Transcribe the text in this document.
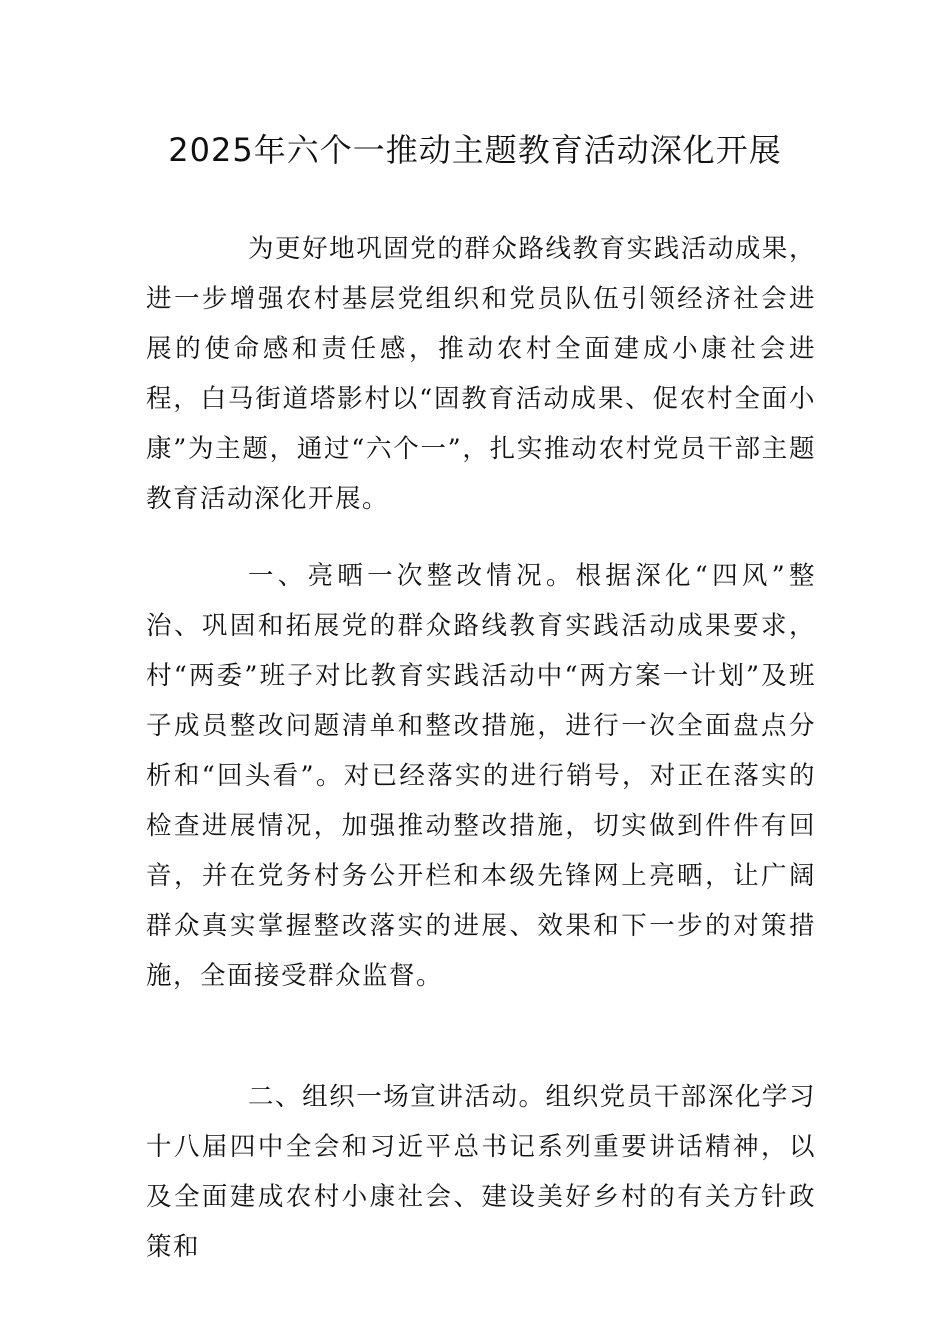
2025年六个一推动主题教育活动深化开展

为更好地巩固党的群众路线教育实践活动成果，进一步增强农村基层党组织和党员队伍引领经济社会进展的使命感和责任感，推动农村全面建成小康社会进程，白马街道塔影村以“固教育活动成果、促农村全面小康”为主题，通过“六个一”，扎实推动农村党员干部主题教育活动深化开展。

一、亮晒一次整改情况。根据深化“四风”整治、巩固和拓展党的群众路线教育实践活动成果要求，村“两委”班子对比教育实践活动中“两方案一计划”及班子成员整改问题清单和整改措施，进行一次全面盘点分析和“回头看”。对已经落实的进行销号，对正在落实的检查进展情况，加强推动整改措施，切实做到件件有回音，并在党务村务公开栏和本级先锋网上亮晒，让广阔群众真实掌握整改落实的进展、效果和下一步的对策措施，全面接受群众监督。

二、组织一场宣讲活动。组织党员干部深化学习十八届四中全会和习近平总书记系列重要讲话精神，以及全面建成农村小康社会、建设美好乡村的有关方针政策和
